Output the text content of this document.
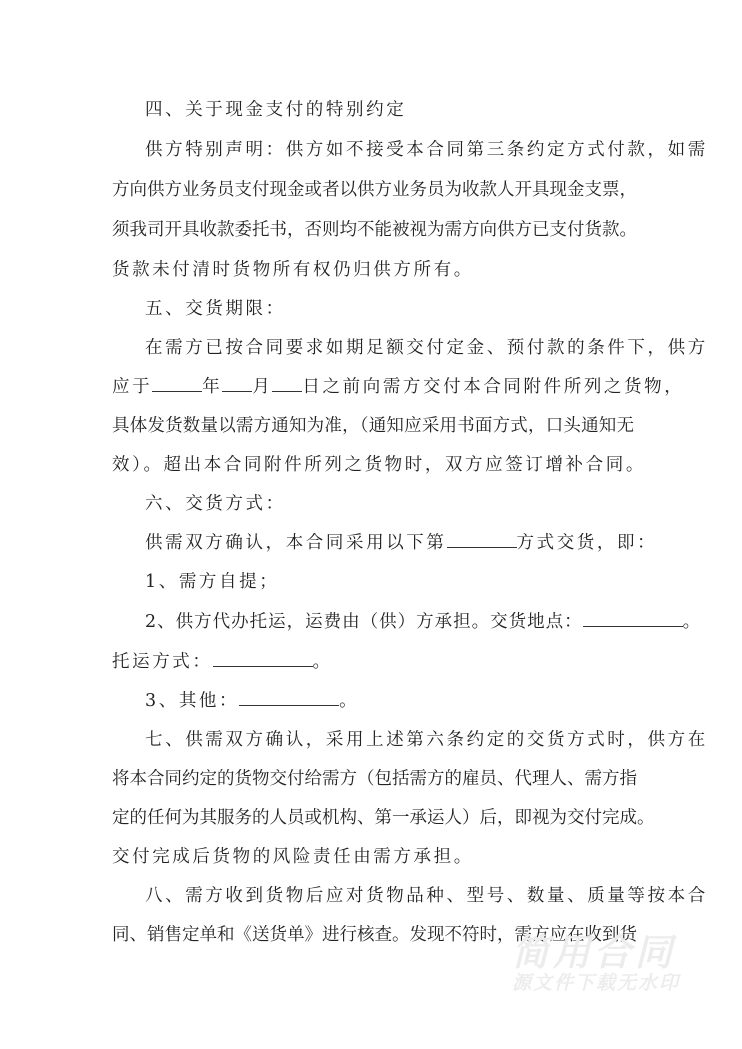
四、关于现金支付的特别约定
供方特别声明：供方如不接受本合同第三条约定方式付款，如需
方向供方业务员支付现金或者以供方业务员为收款人开具现金支票，
须我司开具收款委托书，否则均不能被视为需方向供方已支付货款。
货款未付清时货物所有权仍归供方所有。
五、交货期限：
在需方已按合同要求如期足额交付定金、预付款的条件下，供方
应于	年 月 日之前向需方交付本合同附件所列之货物，
具体发货数量以需方通知为准，（通知应采用书面方式，口头通知无
效）。超出本合同附件所列之货物时，双方应签订增补合同。
六、交货方式：
供需双方确认，本合同采用以下第	方式交货，即：
1、需方自提；
2、供方代办托运，运费由（供）方承担。交货地点：	。
托运方式：	。
3、其他：	。
七、供需双方确认，采用上述第六条约定的交货方式时，供方在
将本合同约定的货物交付给需方（包括需方的雇员、代理人、需方指
定的任何为其服务的人员或机构、第一承运人）后，即视为交付完成。
交付完成后货物的风险责任由需方承担。
八、需方收到货物后应对货物品种、型号、数量、质量等按本合
同、销售定单和《送货单》进行核查。发现不符时，需方应在收到货
简用合同
源文件下载无水印
